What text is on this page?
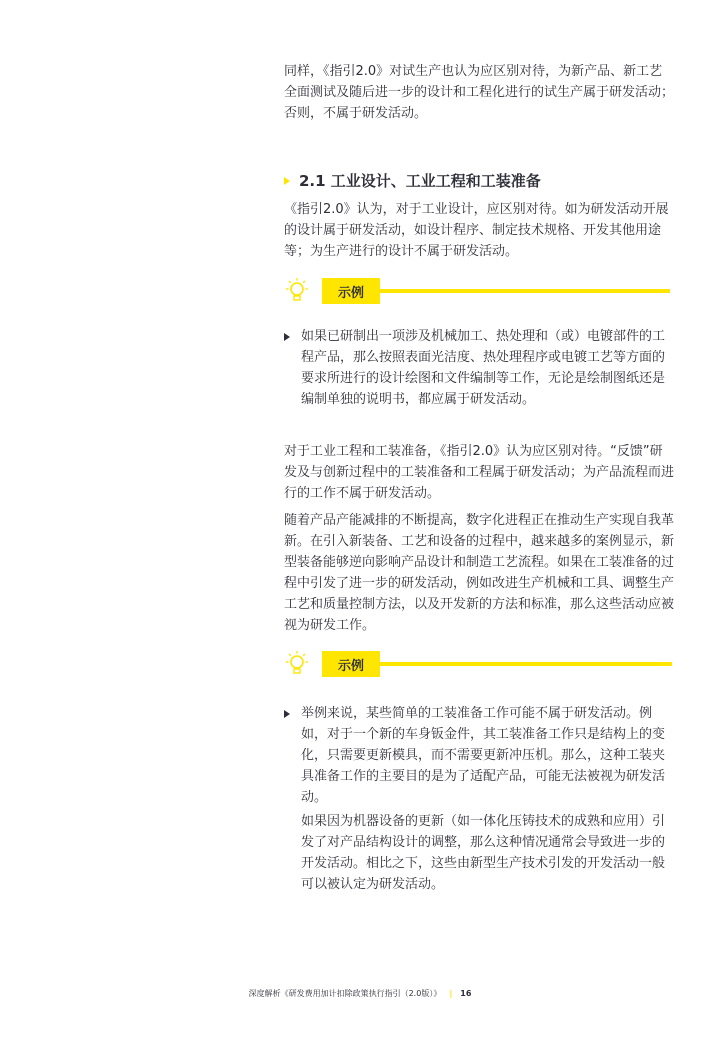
同样，《指引2.0》对试生产也认为应区别对待，为新产品、新工艺全面测试及随后进一步的设计和工程化进行的试生产属于研发活动；否则，不属于研发活动。

2.1 工业设计、工业工程和工装准备

《指引2.0》认为，对于工业设计，应区别对待。如为研发活动开展的设计属于研发活动，如设计程序、制定技术规格、开发其他用途等；为生产进行的设计不属于研发活动。

示例
如果已研制出一项涉及机械加工、热处理和（或）电镀部件的工程产品，那么按照表面光洁度、热处理程序或电镀工艺等方面的要求所进行的设计绘图和文件编制等工作，无论是绘制图纸还是编制单独的说明书，都应属于研发活动。

对于工业工程和工装准备，《指引2.0》认为应区别对待。“反馈”研发及与创新过程中的工装准备和工程属于研发活动；为产品流程而进行的工作不属于研发活动。

随着产品产能减排的不断提高，数字化进程正在推动生产实现自我革新。在引入新装备、工艺和设备的过程中，越来越多的案例显示，新型装备能够逆向影响产品设计和制造工艺流程。如果在工装准备的过程中引发了进一步的研发活动，例如改进生产机械和工具、调整生产工艺和质量控制方法，以及开发新的方法和标准，那么这些活动应被视为研发工作。

示例
举例来说，某些简单的工装准备工作可能不属于研发活动。例如，对于一个新的车身钣金件，其工装准备工作只是结构上的变化，只需要更新模具，而不需要更新冲压机。那么，这种工装夹具准备工作的主要目的是为了适配产品，可能无法被视为研发活动。

如果因为机器设备的更新（如一体化压铸技术的成熟和应用）引发了对产品结构设计的调整，那么这种情况通常会导致进一步的开发活动。相比之下，这些由新型生产技术引发的开发活动一般可以被认定为研发活动。

深度解析《研发费用加计扣除政策执行指引（2.0版）》 | 16
